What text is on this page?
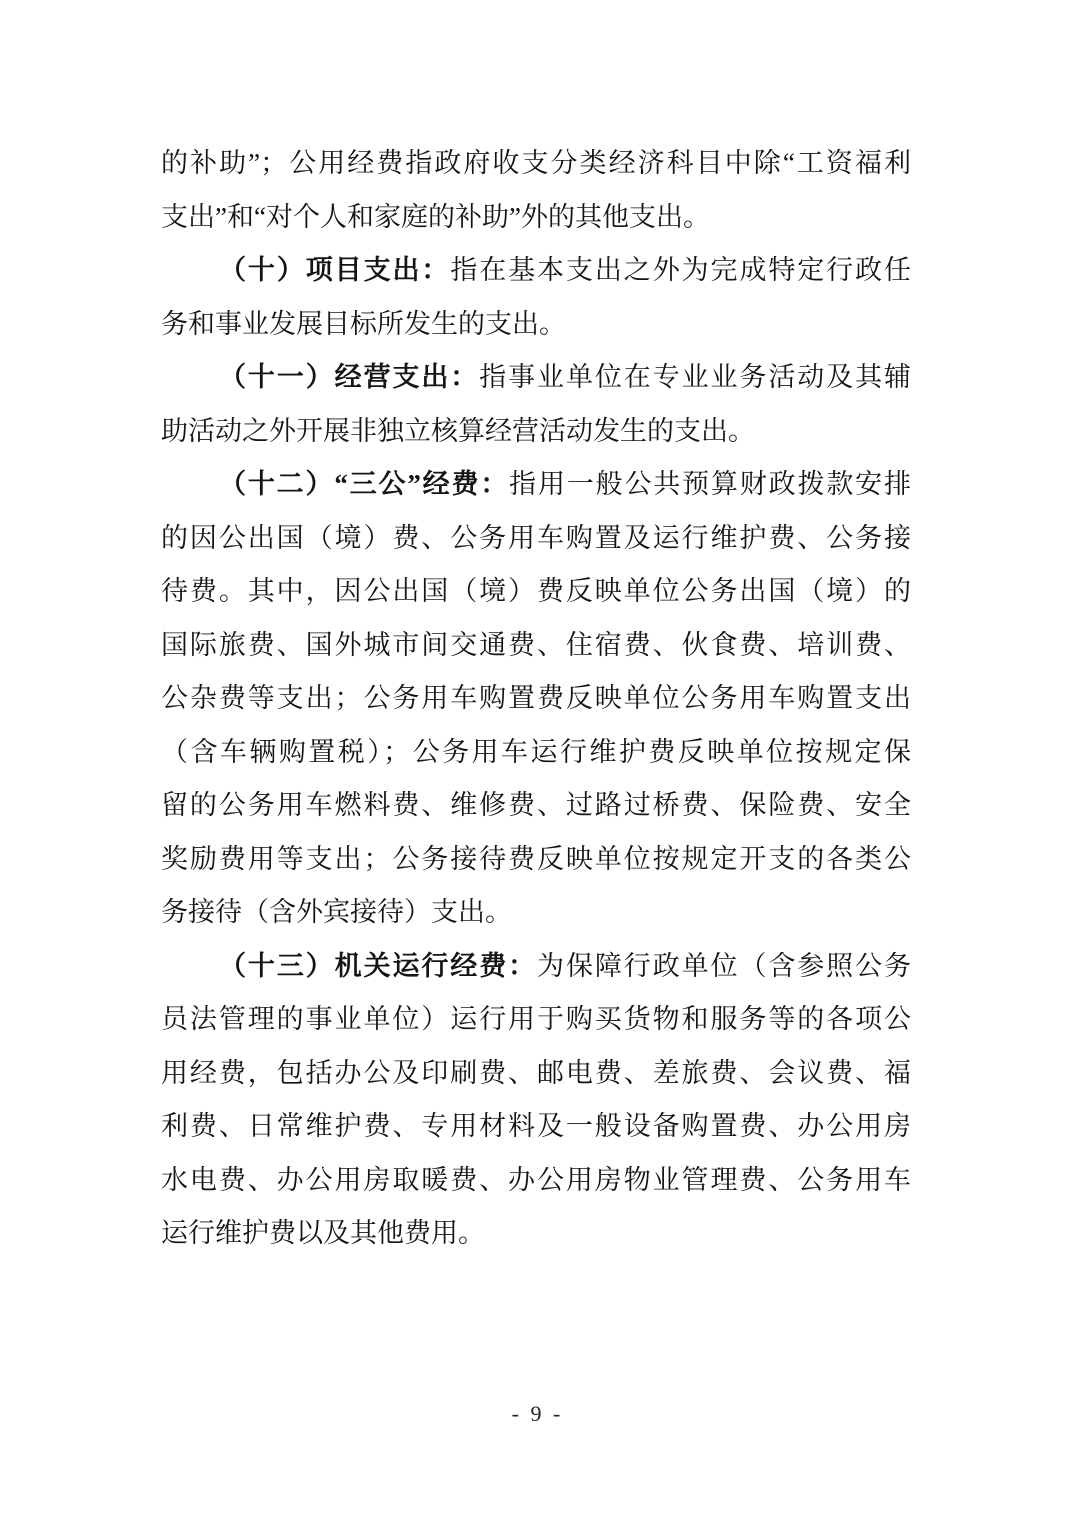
的补助”；公用经费指政府收支分类经济科目中除“工资福利
支出”和“对个人和家庭的补助”外的其他支出。
（十）项目支出：指在基本支出之外为完成特定行政任
务和事业发展目标所发生的支出。
（十一）经营支出：指事业单位在专业业务活动及其辅
助活动之外开展非独立核算经营活动发生的支出。
（十二）“三公”经费：指用一般公共预算财政拨款安排
的因公出国（境）费、公务用车购置及运行维护费、公务接
待费。其中，因公出国（境）费反映单位公务出国（境）的
国际旅费、国外城市间交通费、住宿费、伙食费、培训费、
公杂费等支出；公务用车购置费反映单位公务用车购置支出
（含车辆购置税）；公务用车运行维护费反映单位按规定保
留的公务用车燃料费、维修费、过路过桥费、保险费、安全
奖励费用等支出；公务接待费反映单位按规定开支的各类公
务接待（含外宾接待）支出。
（十三）机关运行经费：为保障行政单位（含参照公务
员法管理的事业单位）运行用于购买货物和服务等的各项公
用经费，包括办公及印刷费、邮电费、差旅费、会议费、福
利费、日常维护费、专用材料及一般设备购置费、办公用房
水电费、办公用房取暖费、办公用房物业管理费、公务用车
运行维护费以及其他费用。
- 9 -
